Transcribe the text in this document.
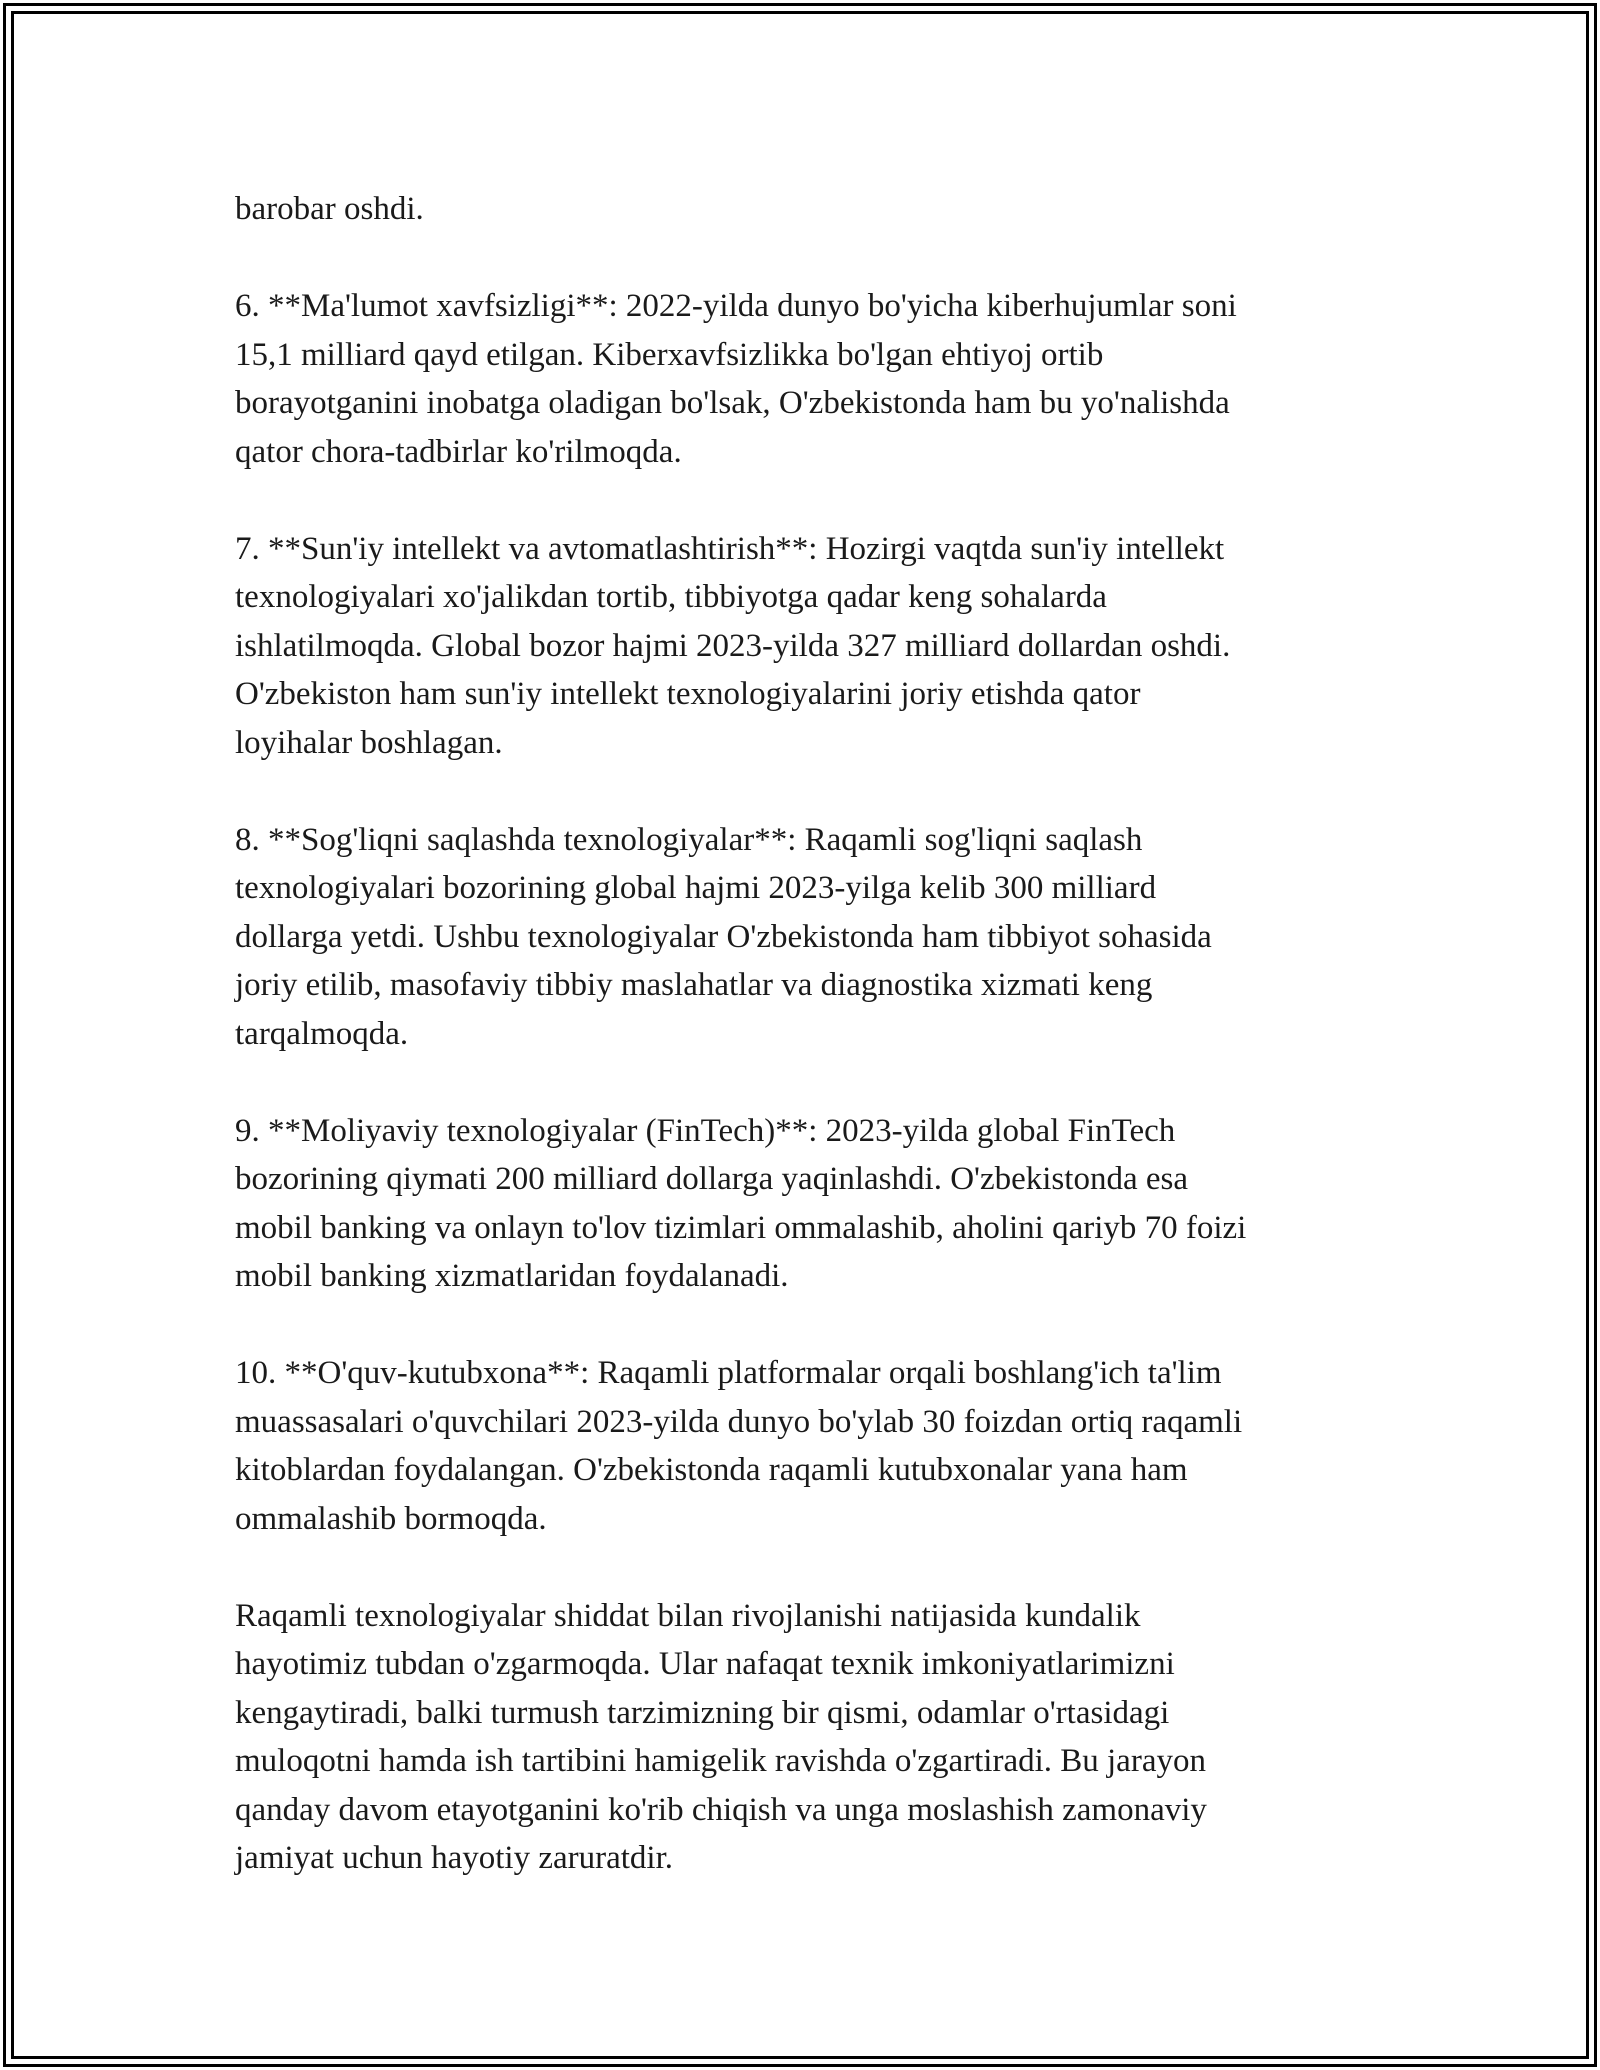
barobar oshdi.

6. **Ma'lumot xavfsizligi**: 2022-yilda dunyo bo'yicha kiberhujumlar soni
15,1 milliard qayd etilgan. Kiberxavfsizlikka bo'lgan ehtiyoj ortib
borayotganini inobatga oladigan bo'lsak, O'zbekistonda ham bu yo'nalishda
qator chora-tadbirlar ko'rilmoqda.

7. **Sun'iy intellekt va avtomatlashtirish**: Hozirgi vaqtda sun'iy intellekt
texnologiyalari xo'jalikdan tortib, tibbiyotga qadar keng sohalarda
ishlatilmoqda. Global bozor hajmi 2023-yilda 327 milliard dollardan oshdi.
O'zbekiston ham sun'iy intellekt texnologiyalarini joriy etishda qator
loyihalar boshlagan.

8. **Sog'liqni saqlashda texnologiyalar**: Raqamli sog'liqni saqlash
texnologiyalari bozorining global hajmi 2023-yilga kelib 300 milliard
dollarga yetdi. Ushbu texnologiyalar O'zbekistonda ham tibbiyot sohasida
joriy etilib, masofaviy tibbiy maslahatlar va diagnostika xizmati keng
tarqalmoqda.

9. **Moliyaviy texnologiyalar (FinTech)**: 2023-yilda global FinTech
bozorining qiymati 200 milliard dollarga yaqinlashdi. O'zbekistonda esa
mobil banking va onlayn to'lov tizimlari ommalashib, aholini qariyb 70 foizi
mobil banking xizmatlaridan foydalanadi.

10. **O'quv-kutubxona**: Raqamli platformalar orqali boshlang'ich ta'lim
muassasalari o'quvchilari 2023-yilda dunyo bo'ylab 30 foizdan ortiq raqamli
kitoblardan foydalangan. O'zbekistonda raqamli kutubxonalar yana ham
ommalashib bormoqda.

Raqamli texnologiyalar shiddat bilan rivojlanishi natijasida kundalik
hayotimiz tubdan o'zgarmoqda. Ular nafaqat texnik imkoniyatlarimizni
kengaytiradi, balki turmush tarzimizning bir qismi, odamlar o'rtasidagi
muloqotni hamda ish tartibini hamigelik ravishda o'zgartiradi. Bu jarayon
qanday davom etayotganini ko'rib chiqish va unga moslashish zamonaviy
jamiyat uchun hayotiy zaruratdir.
